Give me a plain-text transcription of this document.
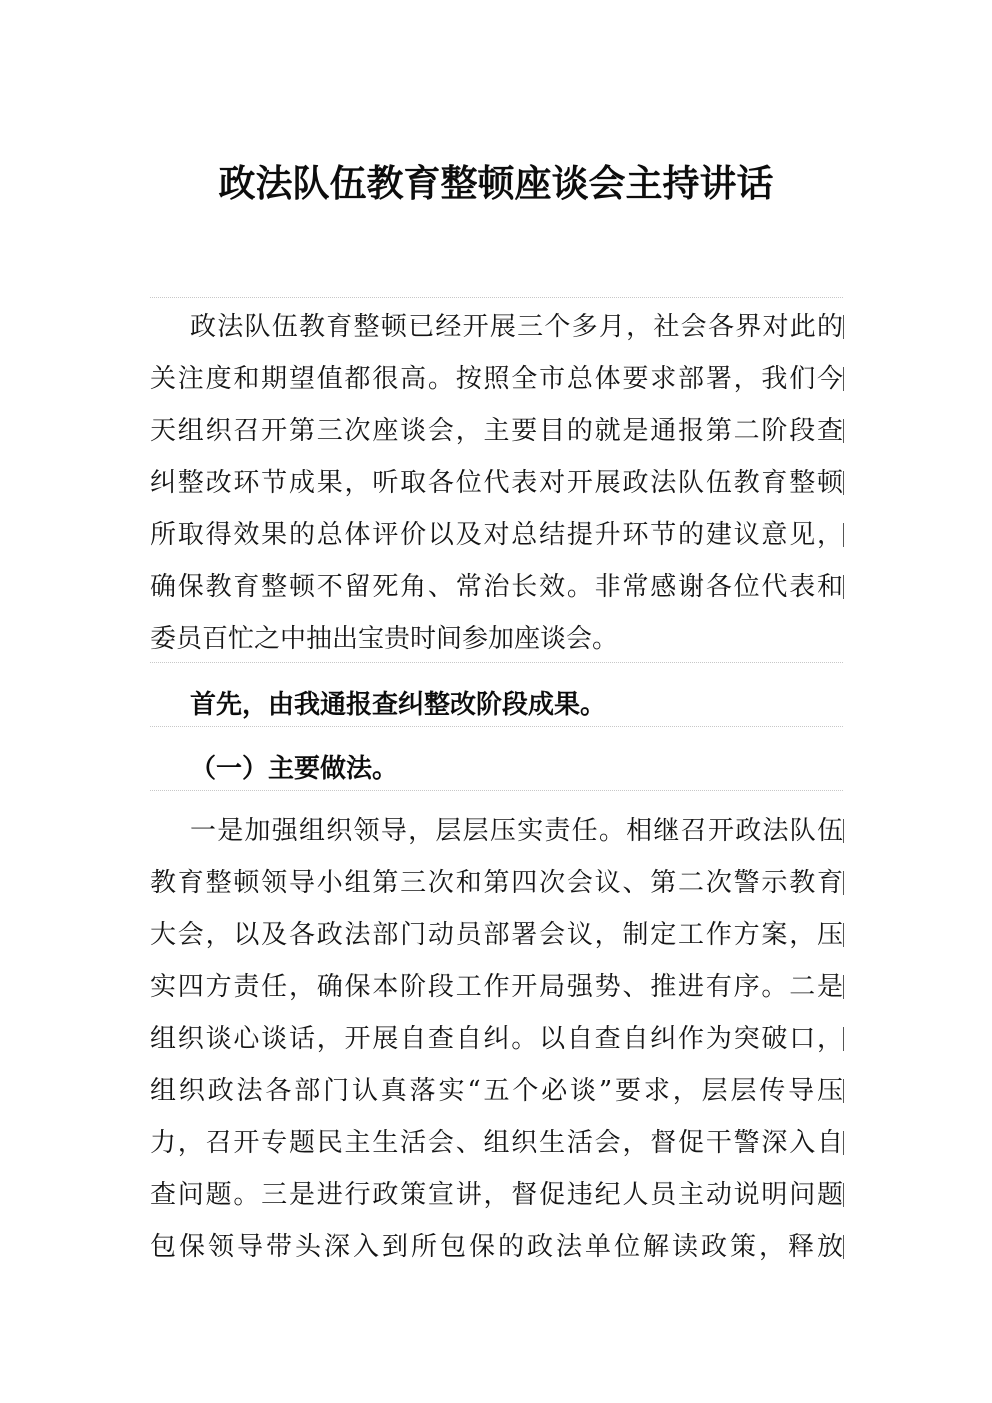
政法队伍教育整顿座谈会主持讲话
政法队伍教育整顿已经开展三个多月，社会各界对此的
关注度和期望值都很高。按照全市总体要求部署，我们今
天组织召开第三次座谈会，主要目的就是通报第二阶段查
纠整改环节成果，听取各位代表对开展政法队伍教育整顿
所取得效果的总体评价以及对总结提升环节的建议意见，
确保教育整顿不留死角、常治长效。非常感谢各位代表和
委员百忙之中抽出宝贵时间参加座谈会。
首先，由我通报查纠整改阶段成果。
（一）主要做法。
一是加强组织领导，层层压实责任。相继召开政法队伍
教育整顿领导小组第三次和第四次会议、第二次警示教育
大会，以及各政法部门动员部署会议，制定工作方案，压
实四方责任，确保本阶段工作开局强势、推进有序。二是
组织谈心谈话，开展自查自纠。以自查自纠作为突破口，
组织政法各部门认真落实“五个必谈”要求，层层传导压
力，召开专题民主生活会、组织生活会，督促干警深入自
查问题。三是进行政策宣讲，督促违纪人员主动说明问题
包保领导带头深入到所包保的政法单位解读政策，释放
